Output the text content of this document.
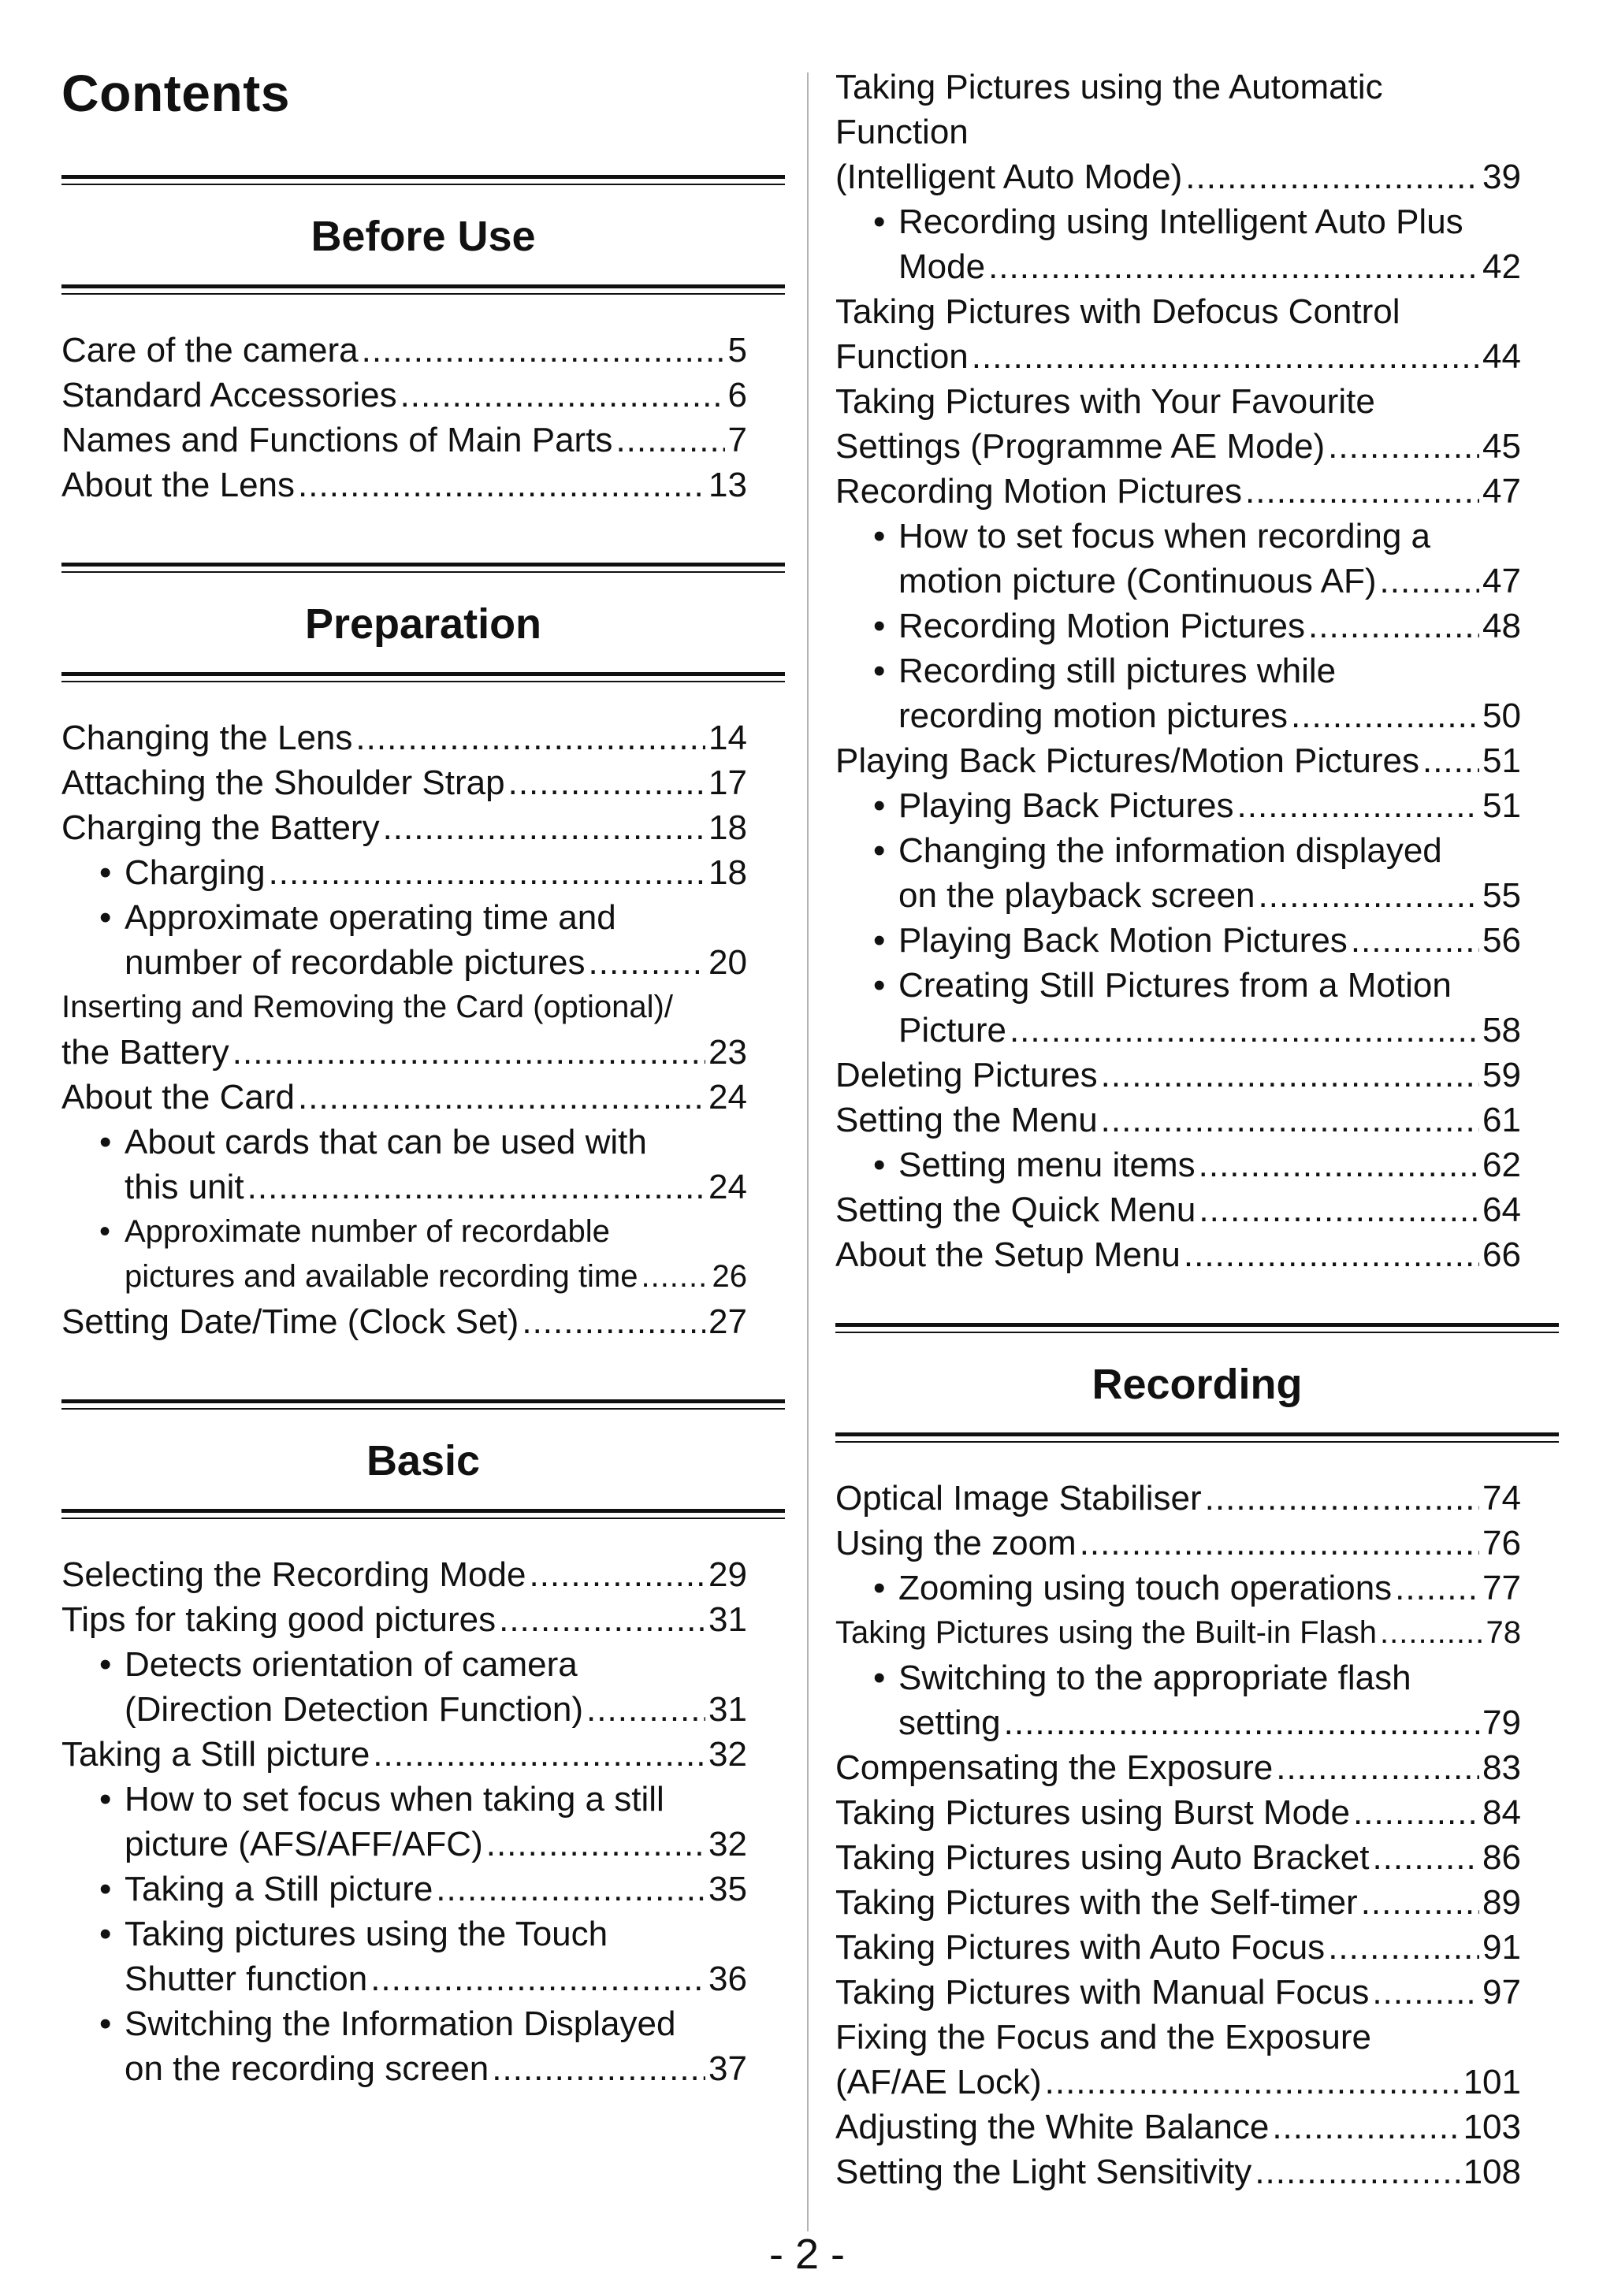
Contents
Before Use
Care of the camera .....	5
Standard Accessories .....	6
Names and Functions of Main Parts .....	7
About the Lens .....	13
Preparation
Changing the Lens .....	14
Attaching the Shoulder Strap .....	17
Charging the Battery .....	18
• Charging .....	18
• Approximate operating time and
number of recordable pictures .....	20
Inserting and Removing the Card (optional)/
the Battery .....	23
About the Card .....	24
• About cards that can be used with
this unit .....	24
• Approximate number of recordable
pictures and available recording time ..... 26
Setting Date/Time (Clock Set) .....	27
Basic
Selecting the Recording Mode .....	29
Tips for taking good pictures .....	31
• Detects orientation of camera
(Direction Detection Function) .....	31
Taking a Still picture .....	32
• How to set focus when taking a still
picture (AFS/AFF/AFC) .....	32
• Taking a Still picture .....	35
• Taking pictures using the Touch
Shutter function .....	36
• Switching the Information Displayed
on the recording screen .....	37
Taking Pictures using the Automatic
Function
(Intelligent Auto Mode) .....	39
• Recording using Intelligent Auto Plus
Mode .....	42
Taking Pictures with Defocus Control
Function .....	44
Taking Pictures with Your Favourite
Settings (Programme AE Mode) .....	45
Recording Motion Pictures .....	47
• How to set focus when recording a
motion picture (Continuous AF) .....	47
• Recording Motion Pictures .....	48
• Recording still pictures while
recording motion pictures .....	50
Playing Back Pictures/Motion Pictures ..... 51
• Playing Back Pictures .....	51
• Changing the information displayed
on the playback screen .....	55
• Playing Back Motion Pictures .....	56
• Creating Still Pictures from a Motion
Picture .....	58
Deleting Pictures .....	59
Setting the Menu .....	61
• Setting menu items .....	62
Setting the Quick Menu .....	64
About the Setup Menu .....	66
Recording
Optical Image Stabiliser .....	74
Using the zoom .....	76
• Zooming using touch operations .....	77
Taking Pictures using the Built-in Flash .....	78
• Switching to the appropriate flash
setting .....	79
Compensating the Exposure .....	83
Taking Pictures using Burst Mode .....	84
Taking Pictures using Auto Bracket .....	86
Taking Pictures with the Self-timer .....	89
Taking Pictures with Auto Focus .....	91
Taking Pictures with Manual Focus .....	97
Fixing the Focus and the Exposure
(AF/AE Lock) .....	101
Adjusting the White Balance .....	103
Setting the Light Sensitivity .....	108
- 2 -
